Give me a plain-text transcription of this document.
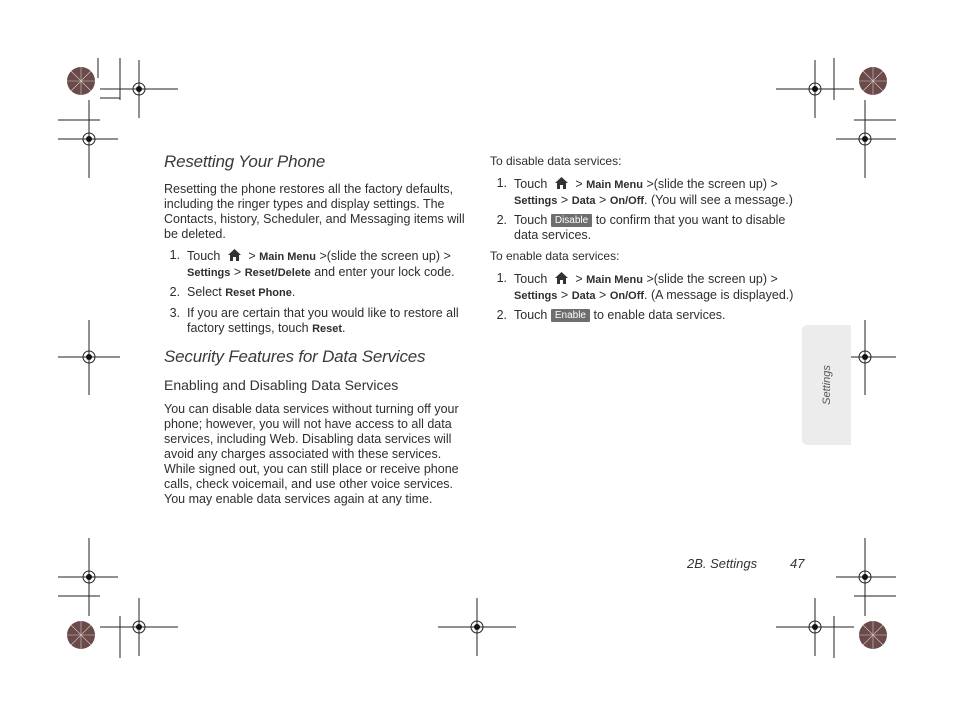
Resetting Your Phone
Resetting the phone restores all the factory defaults, including the ringer types and display settings. The Contacts, history, Scheduler, and Messaging items will be deleted.
1. Touch > Main Menu >(slide the screen up) >
Settings > Reset/Delete and enter your lock code.
2. Select Reset Phone.
3. If you are certain that you would like to restore all
factory settings, touch Reset.
Security Features for Data Services
Enabling and Disabling Data Services
You can disable data services without turning off your phone; however, you will not have access to all data services, including Web. Disabling data services will avoid any charges associated with these services. While signed out, you can still place or receive phone calls, check voicemail, and use other voice services. You may enable data services again at any time.
To disable data services:
1. Touch > Main Menu >(slide the screen up) >
Settings > Data > On/Off. (You will see a message.)
2. Touch Disable to confirm that you want to disable
data services.
To enable data services:
1. Touch > Main Menu >(slide the screen up) >
Settings > Data > On/Off. (A message is displayed.)
2. Touch Enable to enable data services.
Settings
2B. Settings	47
